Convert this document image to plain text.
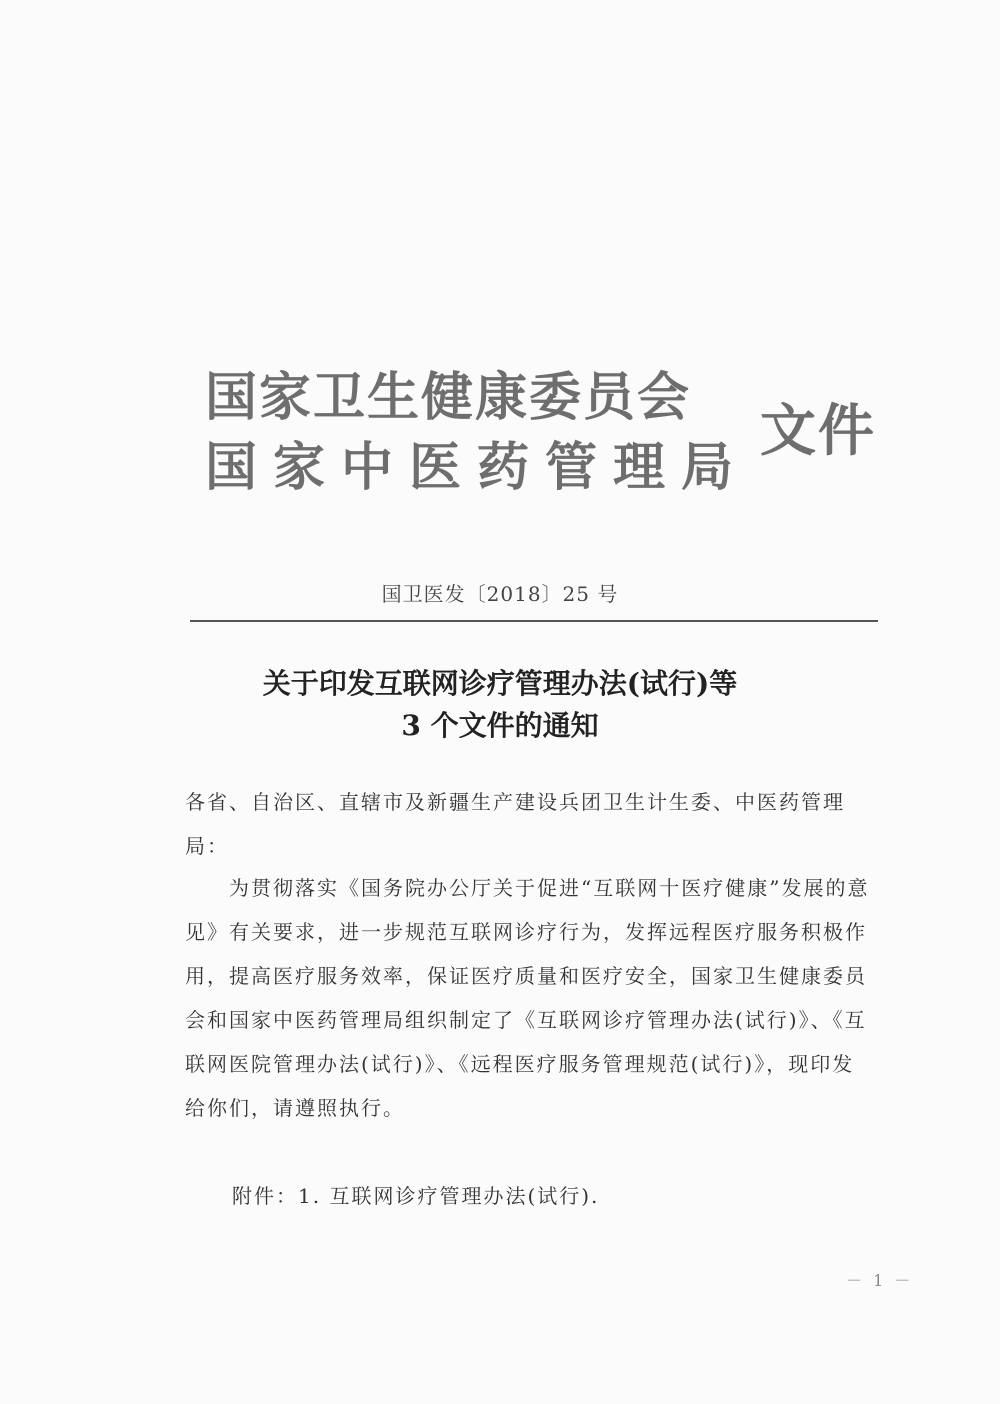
国家卫生健康委员会
国家中医药管理局
文件
国卫医发〔2018〕25 号
关于印发互联网诊疗管理办法(试行)等
3 个文件的通知
各省、自治区、直辖市及新疆生产建设兵团卫生计生委、中医药管理局：
为贯彻落实《国务院办公厅关于促进“互联网十医疗健康”发展的意见》有关要求，进一步规范互联网诊疗行为，发挥远程医疗服务积极作用，提高医疗服务效率，保证医疗质量和医疗安全，国家卫生健康委员会和国家中医药管理局组织制定了《互联网诊疗管理办法(试行)》、《互联网医院管理办法(试行)》、《远程医疗服务管理规范(试行)》，现印发给你们，请遵照执行。
附件：1. 互联网诊疗管理办法(试行).
－ 1 －
